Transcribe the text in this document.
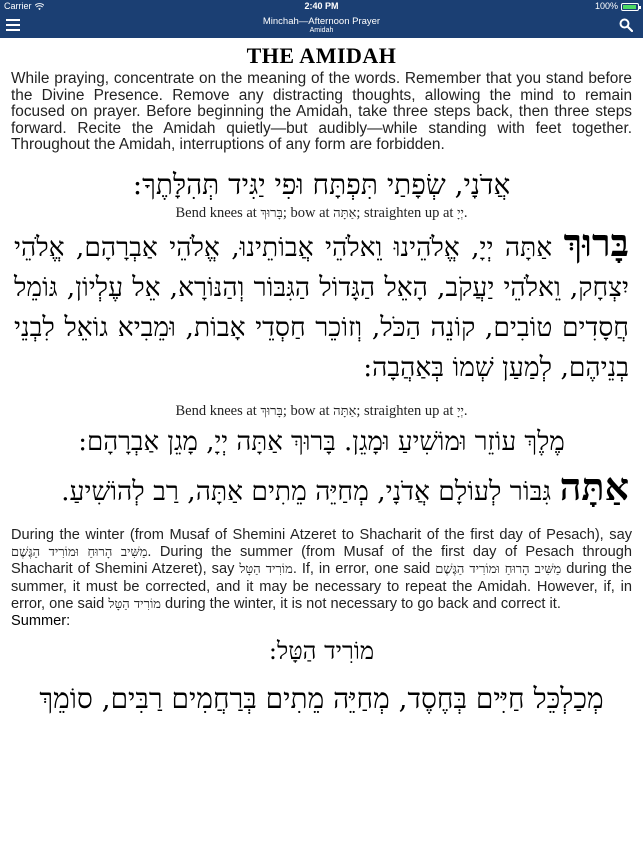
Carrier	2:40 PM	100%
Minchah—Afternoon Prayer
Amidah
THE AMIDAH

While praying, concentrate on the meaning of the words. Remember that you stand before the Divine Presence. Remove any distracting thoughts, allowing the mind to remain focused on prayer. Before beginning the Amidah, take three steps back, then three steps forward. Recite the Amidah quietly—but audibly—while standing with feet together. Throughout the Amidah, interruptions of any form are forbidden.

אֲדֹנָי, שְׂפָתַי תִּפְתָּח וּפִי יַגִּיד תְּהִלָּתֶךָ:

Bend knees at בָּרוּךְ; bow at אַתָּה; straighten up at יְיָ.

בָּרוּךְ אַתָּה יְיָ, אֱלֹהֵינוּ וֵאלֹהֵי אֲבוֹתֵינוּ, אֱלֹהֵי אַבְרָהָם, אֱלֹהֵי יִצְחָק, וֵאלֹהֵי יַעֲקֹב, הָאֵל הַגָּדוֹל הַגִּבּוֹר וְהַנּוֹרָא, אֵל עֶלְיוֹן, גּוֹמֵל חֲסָדִים טוֹבִים, קוֹנֵה הַכֹּל, וְזוֹכֵר חַסְדֵי אָבוֹת, וּמֵבִיא גוֹאֵל לִבְנֵי בְנֵיהֶם, לְמַעַן שְׁמוֹ בְּאַהֲבָה:

Bend knees at בָּרוּךְ; bow at אַתָּה; straighten up at יְיָ.

מֶלֶךְ עוֹזֵר וּמוֹשִׁיעַ וּמָגֵן. בָּרוּךְ אַתָּה יְיָ, מָגֵן אַבְרָהָם:

אַתָּה גִּבּוֹר לְעוֹלָם אֲדֹנָי, מְחַיֵּה מֵתִים אַתָּה, רַב לְהוֹשִׁיעַ.

During the winter (from Musaf of Shemini Atzeret to Shacharit of the first day of Pesach), say מַשִּׁיב הָרוּחַ וּמוֹרִיד הַגֶּשֶׁם. During the summer (from Musaf of the first day of Pesach through Shacharit of Shemini Atzeret), say מוֹרִיד הַטָּל. If, in error, one said מַשִּׁיב הָרוּחַ וּמוֹרִיד הַגֶּשֶׁם during the summer, it must be corrected, and it may be necessary to repeat the Amidah. However, if, in error, one said מוֹרִיד הַטָּל during the winter, it is not necessary to go back and correct it.

Summer:

מוֹרִיד הַטָּל:

מְכַלְכֵּל חַיִּים בְּחֶסֶד, מְחַיֵּה מֵתִים בְּרַחֲמִים רַבִּים, סוֹמֵךְ
